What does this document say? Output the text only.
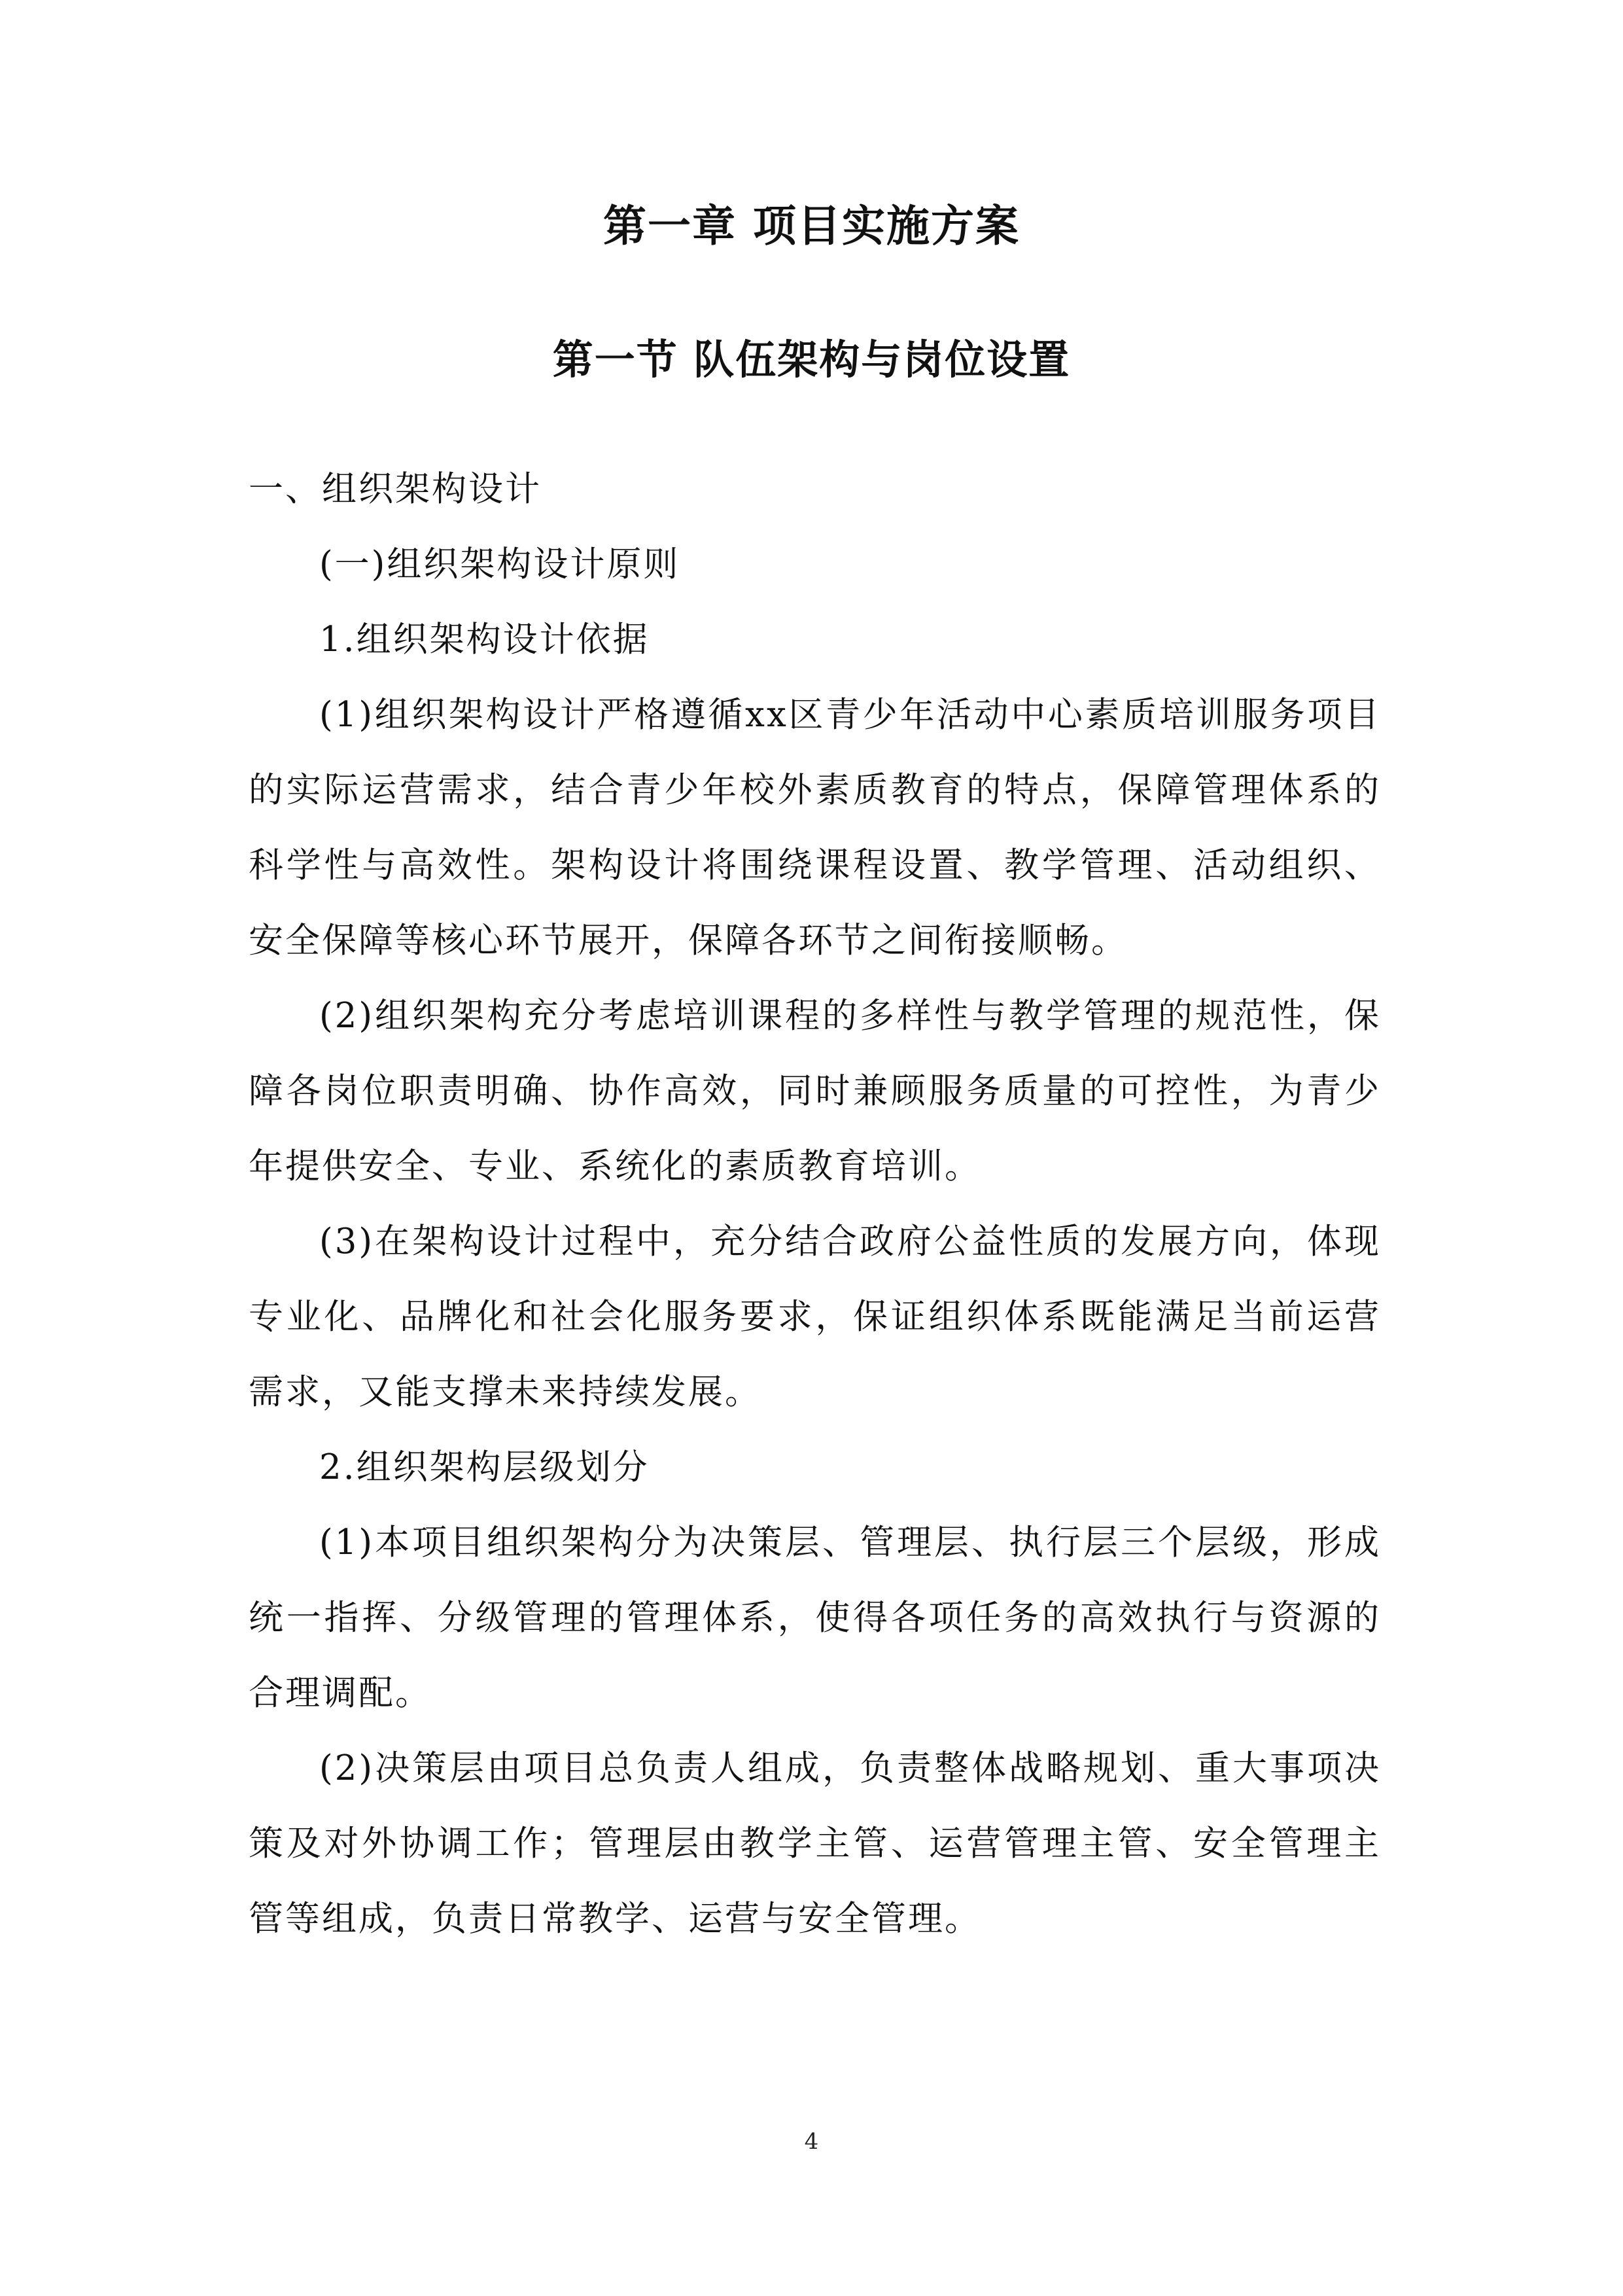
第一章 项目实施方案
第一节 队伍架构与岗位设置

一、组织架构设计

(一)组织架构设计原则

1.组织架构设计依据

(1)组织架构设计严格遵循xx区青少年活动中心素质培训服务项目的实际运营需求，结合青少年校外素质教育的特点，保障管理体系的科学性与高效性。架构设计将围绕课程设置、教学管理、活动组织、安全保障等核心环节展开，保障各环节之间衔接顺畅。

(2)组织架构充分考虑培训课程的多样性与教学管理的规范性，保障各岗位职责明确、协作高效，同时兼顾服务质量的可控性，为青少年提供安全、专业、系统化的素质教育培训。

(3)在架构设计过程中，充分结合政府公益性质的发展方向，体现专业化、品牌化和社会化服务要求，保证组织体系既能满足当前运营需求，又能支撑未来持续发展。

2.组织架构层级划分

(1)本项目组织架构分为决策层、管理层、执行层三个层级，形成统一指挥、分级管理的管理体系，使得各项任务的高效执行与资源的合理调配。

(2)决策层由项目总负责人组成，负责整体战略规划、重大事项决策及对外协调工作；管理层由教学主管、运营管理主管、安全管理主管等组成，负责日常教学、运营与安全管理。

4
